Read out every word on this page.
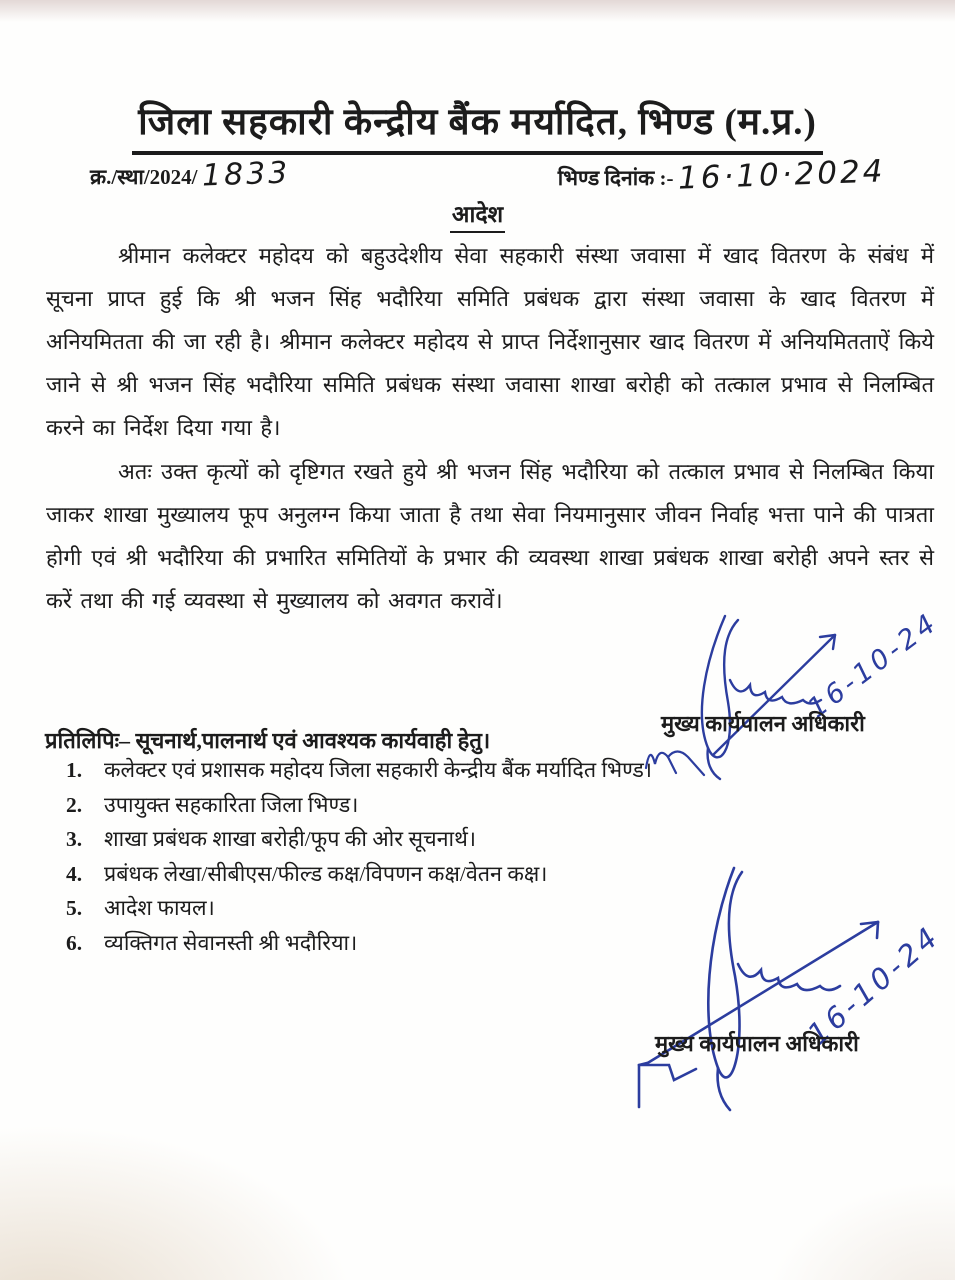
जिला सहकारी केन्द्रीय बैंक मर्यादित, भिण्ड (म.प्र.)
क्र./स्था/2024/ 1833	भिण्ड दिनांक :- 16·10·2024
आदेश

श्रीमान कलेक्टर महोदय को बहुउदेशीय सेवा सहकारी संस्था जवासा में खाद वितरण के संबंध में सूचना प्राप्त हुई कि श्री भजन सिंह भदौरिया समिति प्रबंधक द्वारा संस्था जवासा के खाद वितरण में अनियमितता की जा रही है। श्रीमान कलेक्टर महोदय से प्राप्त निर्देशानुसार खाद वितरण में अनियमितताऐं किये जाने से श्री भजन सिंह भदौरिया समिति प्रबंधक संस्था जवासा शाखा बरोही को तत्काल प्रभाव से निलम्बित करने का निर्देश दिया गया है।

अतः उक्त कृत्यों को दृष्टिगत रखते हुये श्री भजन सिंह भदौरिया को तत्काल प्रभाव से निलम्बित किया जाकर शाखा मुख्यालय फूप अनुलग्न किया जाता है तथा सेवा नियमानुसार जीवन निर्वाह भत्ता पाने की पात्रता होगी एवं श्री भदौरिया की प्रभारित समितियों के प्रभार की व्यवस्था शाखा प्रबंधक शाखा बरोही अपने स्तर से करें तथा की गई व्यवस्था से मुख्यालय को अवगत करावें।

16-10-24
मुख्य कार्यपालन अधिकारी
प्रतिलिपिः– सूचनार्थ,पालनार्थ एवं आवश्यक कार्यवाही हेतु।
1. कलेक्टर एवं प्रशासक महोदय जिला सहकारी केन्द्रीय बैंक मर्यादित भिण्ड।
2. उपायुक्त सहकारिता जिला भिण्ड।
3. शाखा प्रबंधक शाखा बरोही/फूप की ओर सूचनार्थ।
4. प्रबंधक लेखा/सीबीएस/फील्ड कक्ष/विपणन कक्ष/वेतन कक्ष।
5. आदेश फायल।
6. व्यक्तिगत सेवानस्ती श्री भदौरिया।	16-10-24
मुख्य कार्यपालन अधिकारी
